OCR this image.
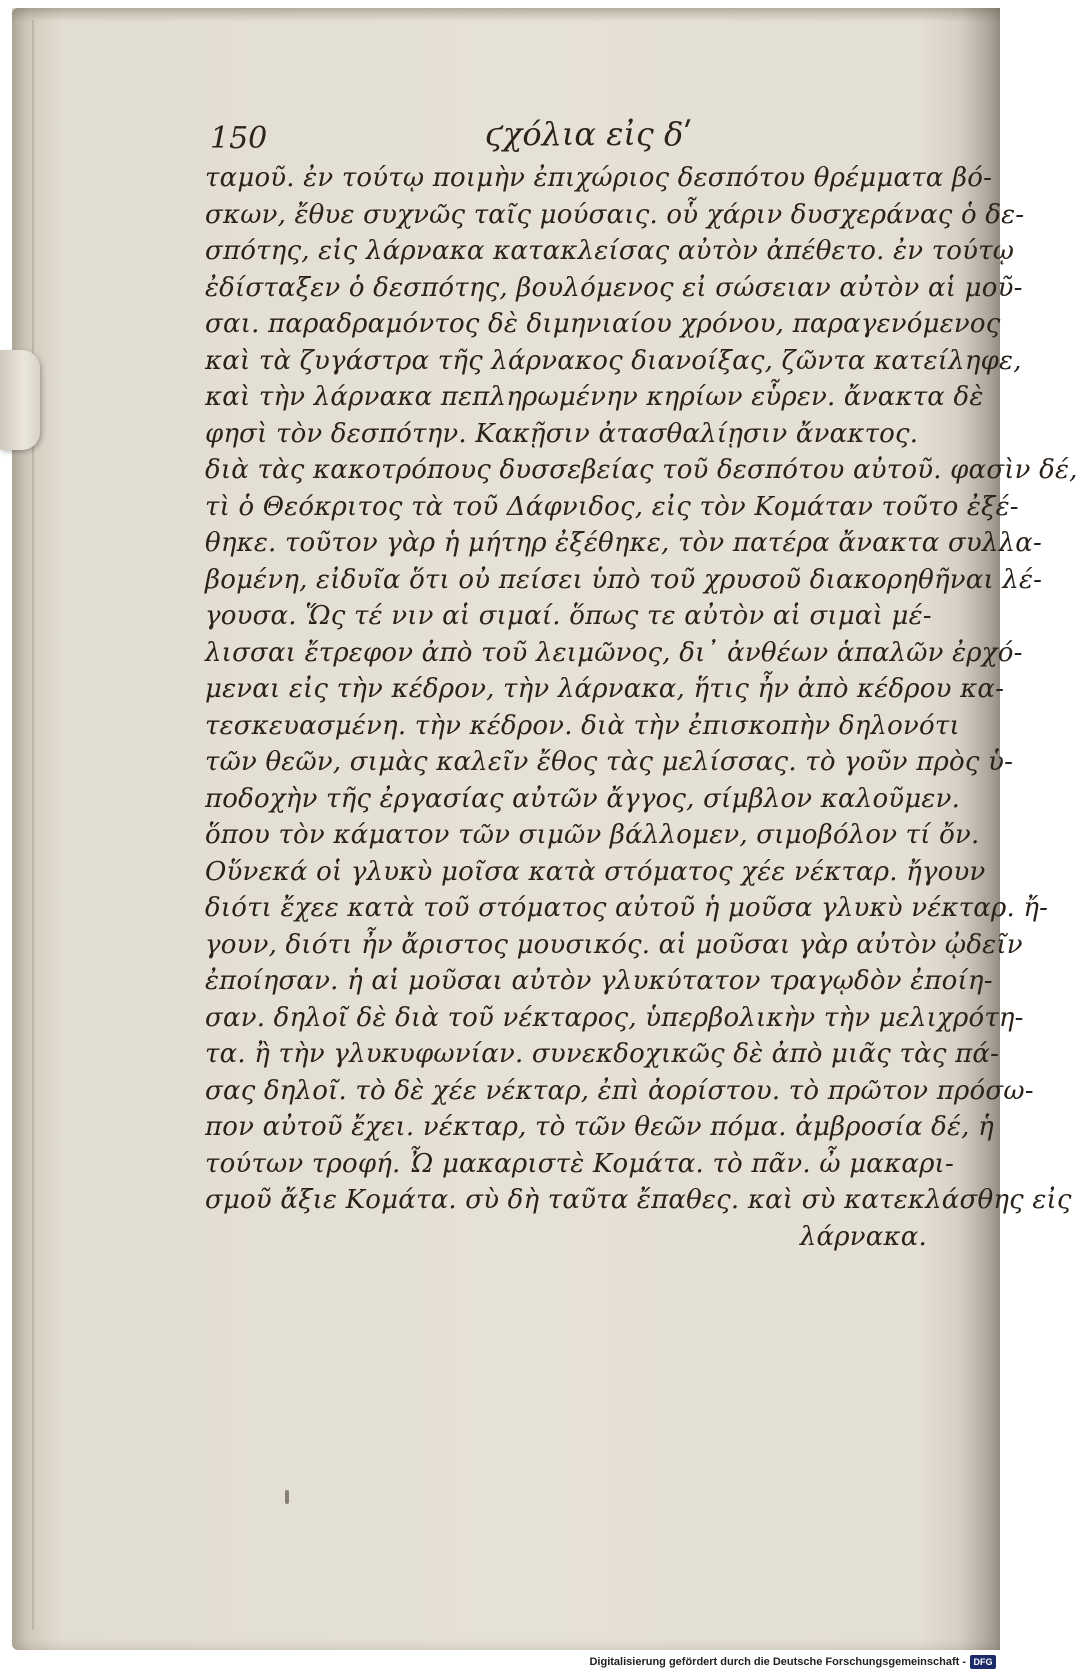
150	ϛχόλια εἰς δʹ
ταμοῦ. ἐν τούτῳ ποιμὴν ἐπιχώριος δεσπότου θρέμματα βό-
σκων, ἔθυε συχνῶς ταῖς μούσαις. οὗ χάριν δυσχεράνας ὁ δε-
σπότης, εἰς λάρνακα κατακλείσας αὐτὸν ἀπέθετο. ἐν τούτῳ
ἐδίσταξεν ὁ δεσπότης, βουλόμενος εἰ σώσειαν αὐτὸν αἱ μοῦ-
σαι. παραδραμόντος δὲ διμηνιαίου χρόνου, παραγενόμενος
καὶ τὰ ζυγάστρα τῆς λάρνακος διανοίξας, ζῶντα κατείληφε,
καὶ τὴν λάρνακα πεπληρωμένην κηρίων εὗρεν. ἄνακτα δὲ
φησὶ τὸν δεσπότην. Κακῇσιν ἀτασθαλίῃσιν ἄνακτος.
διὰ τὰς κακοτρόπους δυσσεβείας τοῦ δεσπότου αὐτοῦ. φασὶν δέ,
τὶ ὁ Θεόκριτος τὰ τοῦ Δάφνιδος, εἰς τὸν Κομάταν τοῦτο ἐξέ-
θηκε. τοῦτον γὰρ ἡ μήτηρ ἐξέθηκε, τὸν πατέρα ἄνακτα συλλα-
βομένη, εἰδυῖα ὅτι οὐ πείσει ὑπὸ τοῦ χρυσοῦ διακορηθῆναι λέ-
γουσα. Ὥς τέ νιν αἱ σιμαί. ὅπως τε αὐτὸν αἱ σιμαὶ μέ-
λισσαι ἔτρεφον ἀπὸ τοῦ λειμῶνος, δι᾽ ἀνθέων ἁπαλῶν ἐρχό-
μεναι εἰς τὴν κέδρον, τὴν λάρνακα, ἥτις ἦν ἀπὸ κέδρου κα-
τεσκευασμένη. τὴν κέδρον. διὰ τὴν ἐπισκοπὴν δηλονότι
τῶν θεῶν, σιμὰς καλεῖν ἔθος τὰς μελίσσας. τὸ γοῦν πρὸς ὑ-
ποδοχὴν τῆς ἐργασίας αὐτῶν ἄγγος, σίμβλον καλοῦμεν.
ὅπου τὸν κάματον τῶν σιμῶν βάλλομεν, σιμοβόλον τί ὄν.
Οὕνεκά οἱ γλυκὺ μοῖσα κατὰ στόματος χέε νέκταρ. ἤγουν
διότι ἔχεε κατὰ τοῦ στόματος αὐτοῦ ἡ μοῦσα γλυκὺ νέκταρ. ἤ-
γουν, διότι ἦν ἄριστος μουσικός. αἱ μοῦσαι γὰρ αὐτὸν ᾠδεῖν
ἐποίησαν. ἡ αἱ μοῦσαι αὐτὸν γλυκύτατον τραγῳδὸν ἐποίη-
σαν. δηλοῖ δὲ διὰ τοῦ νέκταρος, ὑπερβολικὴν τὴν μελιχρότη-
τα. ἢ τὴν γλυκυφωνίαν. συνεκδοχικῶς δὲ ἀπὸ μιᾶς τὰς πά-
σας δηλοῖ. τὸ δὲ χέε νέκταρ, ἐπὶ ἀορίστου. τὸ πρῶτον πρόσω-
πον αὐτοῦ ἔχει. νέκταρ, τὸ τῶν θεῶν πόμα. ἀμβροσία δέ, ἡ
τούτων τροφή. Ὦ μακαριστὲ Κομάτα. τὸ πᾶν. ὦ μακαρι-
σμοῦ ἄξιε Κομάτα. σὺ δὴ ταῦτα ἔπαθες. καὶ σὺ κατεκλάσθης εἰς
λάρνακα.
Digitalisierung gefördert durch die Deutsche Forschungsgemeinschaft - DFG
